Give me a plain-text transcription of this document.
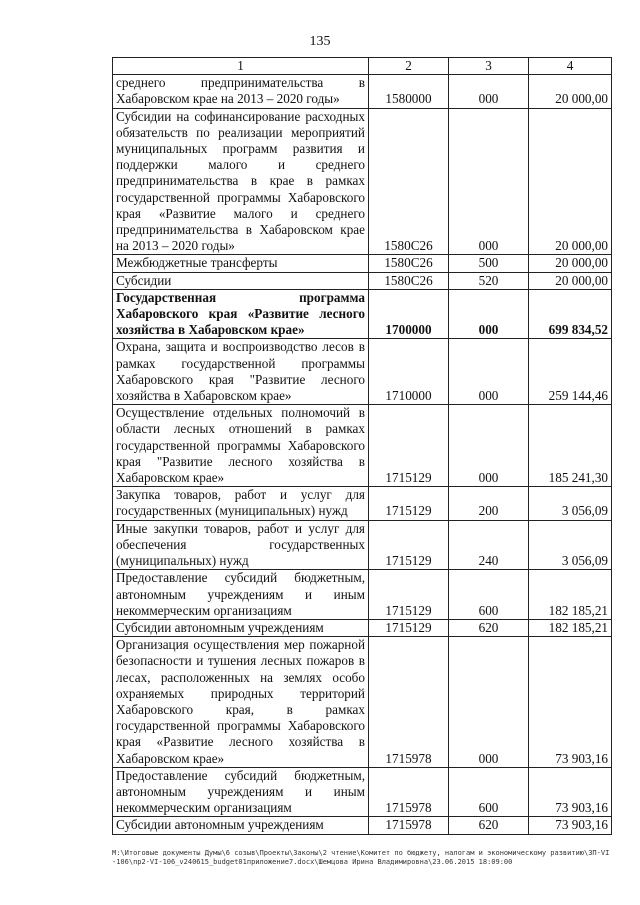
135
1	2	3	4
среднего предпринимательства в Хабаровском крае на 2013 – 2020 годы»	1580000	000	20 000,00
Субсидии на софинансирование расходных обязательств по реализации мероприятий муниципальных программ развития и поддержки малого и среднего предпринимательства в крае в рамках государственной программы Хабаровского края «Развитие малого и среднего предпринимательства в Хабаровском крае на 2013 – 2020 годы»	1580С26	000	20 000,00
Межбюджетные трансферты	1580С26	500	20 000,00
Субсидии	1580С26	520	20 000,00
Государственная программа Хабаровского края «Развитие лесного хозяйства в Хабаровском крае»	1700000	000	699 834,52
Охрана, защита и воспроизводство лесов в рамках государственной программы Хабаровского края "Развитие лесного хозяйства в Хабаровском крае»	1710000	000	259 144,46
Осуществление отдельных полномочий в области лесных отношений в рамках государственной программы Хабаровского края "Развитие лесного хозяйства в Хабаровском крае»	1715129	000	185 241,30
Закупка товаров, работ и услуг для государственных (муниципальных) нужд	1715129	200	3 056,09
Иные закупки товаров, работ и услуг для обеспечения государственных (муниципальных) нужд	1715129	240	3 056,09
Предоставление субсидий бюджетным, автономным учреждениям и иным некоммерческим организациям	1715129	600	182 185,21
Субсидии автономным учреждениям	1715129	620	182 185,21
Организация осуществления мер пожарной безопасности и тушения лесных пожаров в лесах, расположенных на землях особо охраняемых природных территорий Хабаровского края, в рамках государственной программы Хабаровского края «Развитие лесного хозяйства в Хабаровском крае»	1715978	000	73 903,16
Предоставление субсидий бюджетным, автономным учреждениям и иным некоммерческим организациям	1715978	600	73 903,16
Субсидии автономным учреждениям	1715978	620	73 903,16
M:\Итоговые документы Думы\6 созыв\Проекты\Законы\2 чтение\Комитет по бюджету, налогам и экономическому развитию\ЗП-VI-106\пр2-VI-106_v240615_budget01приложение7.docx\Шемцова Ирина Владимировна\23.06.2015 18:09:00
